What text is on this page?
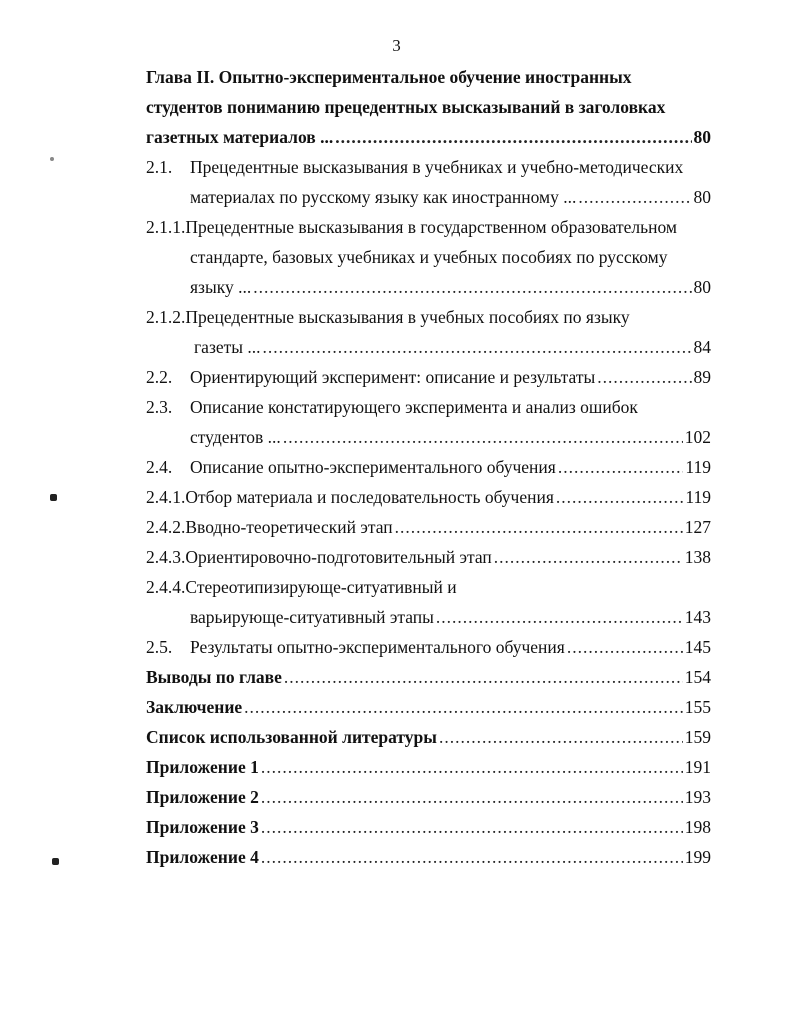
3
Глава II. Опытно-экспериментальное обучение иностранных
студентов пониманию прецедентных высказываний в заголовках
газетных материалов ... .....	80
2.1.	Прецедентные высказывания в учебниках и учебно-методических
материалах по русскому языку как иностранному ... .....	80
2.1.1. Прецедентные высказывания в государственном образовательном
стандарте, базовых учебниках и учебных пособиях по русскому
языку ... .....	80
2.1.2. Прецедентные высказывания в учебных пособиях по языку
газеты ... .....	84
2.2.	Ориентирующий эксперимент: описание и результаты .....	89
2.3.	Описание констатирующего эксперимента и анализ ошибок
студентов ... .....	102
2.4.	Описание опытно-экспериментального обучения .....	119
2.4.1. Отбор материала и последовательность обучения .....	119
2.4.2. Вводно-теоретический этап .....	127
2.4.3. Ориентировочно-подготовительный этап .....	138
2.4.4. Стереотипизирующе-ситуативный и
варьирующе-ситуативный этапы .....	143
2.5.	Результаты опытно-экспериментального обучения .....	145
Выводы по главе .....	154
Заключение .....	155
Список использованной литературы .....	159
Приложение 1 .....	191
Приложение 2 .....	193
Приложение 3 .....	198
Приложение 4 .....	199
